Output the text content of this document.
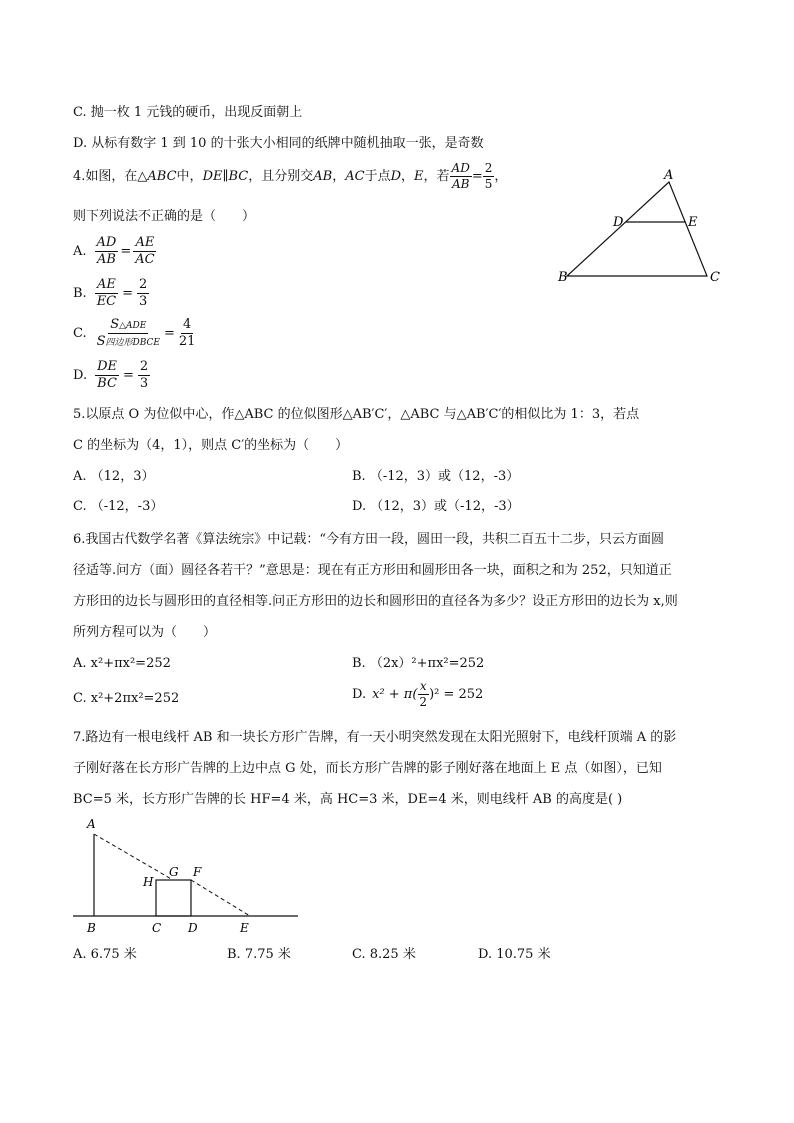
C. 抛一枚 1 元钱的硬币，出现反面朝上
D. 从标有数字 1 到 10 的十张大小相同的纸牌中随机抽取一张，是奇数
4.如图，在△ ABC 中， DE∥BC ，且分别交 AB ， AC 于点 D ， E ，若 $\frac{AD}{AB} = \frac{2}{5}$ ，
则下列说法不正确的是（　　）
A. $\frac{AD}{AB} = \frac{AE}{AC}$
B. $\frac{AE}{EC} = \frac{2}{3}$
C. $\frac{\text{S△ADE}}{\text{S四边形DBCE}} = \frac{4}{21}$
D. $\frac{DE}{BC} = \frac{2}{3}$
A
B	C
D	E
5.以原点 O 为位似中心，作△ABC 的位似图形△AB′C′，△ABC 与△AB′C′的相似比为 1：3，若点
C 的坐标为（4，1），则点 C′的坐标为（　　）
A. （12，3）	B. （-12，3）或（12，-3）
C. （-12，-3）	D. （12，3）或（-12，-3）
6.我国古代数学名著《算法统宗》中记载：“今有方田一段，圆田一段，共积二百五十二步，只云方面圆
径适等.问方（面）圆径各若干？”意思是：现在有正方形田和圆形田各一块，面积之和为 252，只知道正
方形田的边长与圆形田的直径相等.问正方形田的边长和圆形田的直径各为多少？设正方形田的边长为 x,则
所列方程可以为（　　）
A. x²+πx²=252	B. （2x）²+πx²=252
C. x²+2πx²=252	D. $x^2 + \pi( \frac{x}{2} )^2 = 252$
7.路边有一根电线杆 AB 和一块长方形广告牌，有一天小明突然发现在太阳光照射下，电线杆顶端 A 的影
子刚好落在长方形广告牌的上边中点 G 处，而长方形广告牌的影子刚好落在地面上 E 点（如图），已知
BC=5 米，长方形广告牌的长 HF=4 米，高 HC=3 米，DE=4 米，则电线杆 AB 的高度是( )
A
B	C D	E
F
G
H
A. 6.75 米	B. 7.75 米	C. 8.25 米	D. 10.75 米
